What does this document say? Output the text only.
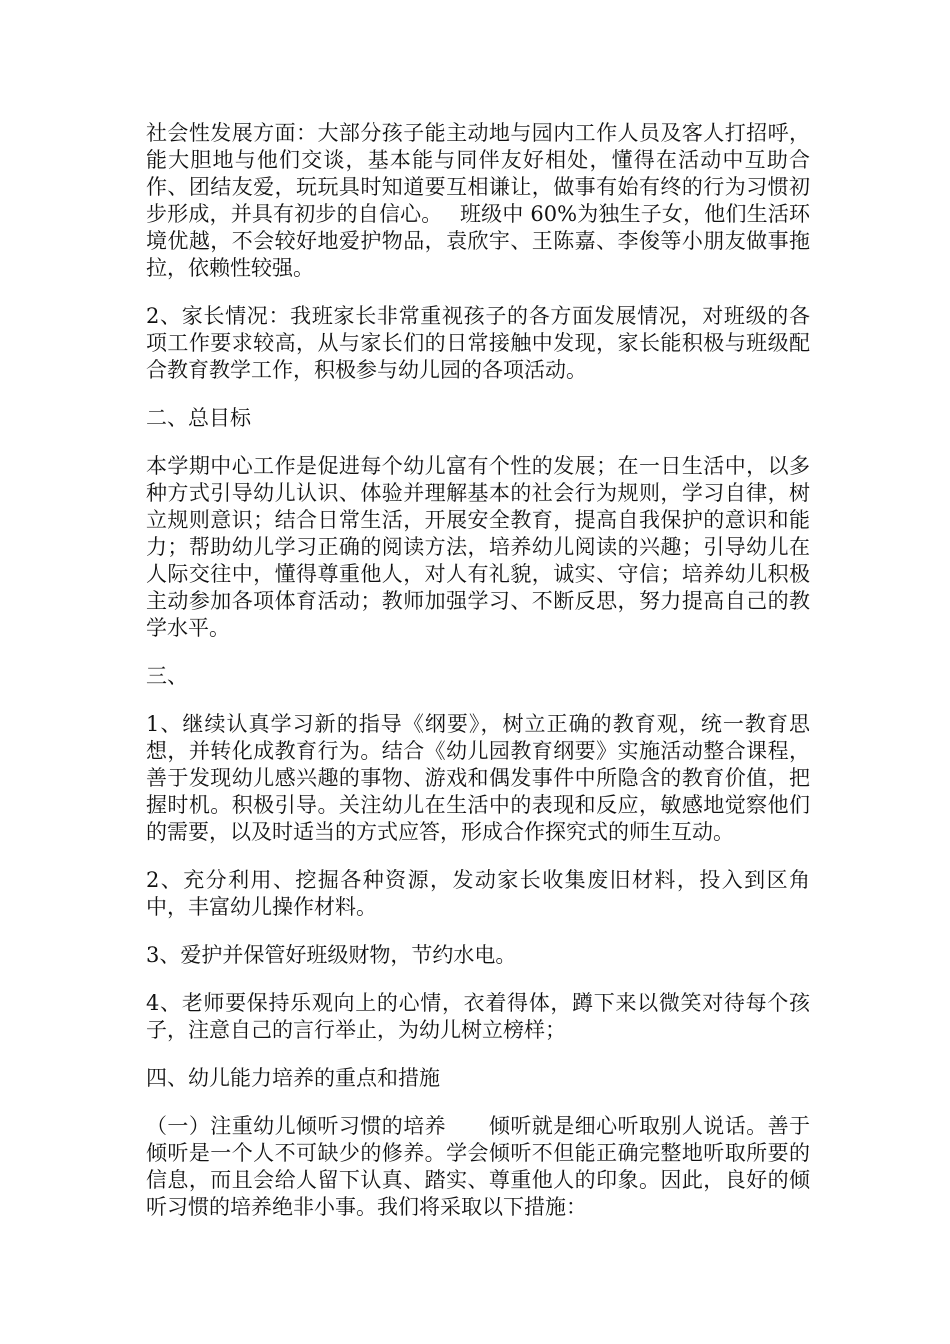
社会性发展方面：大部分孩子能主动地与园内工作人员及客人打招呼，能大胆地与他们交谈，基本能与同伴友好相处，懂得在活动中互助合作、团结友爱，玩玩具时知道要互相谦让，做事有始有终的行为习惯初步形成，并具有初步的自信心。　 班级中 60%为独生子女，他们生活环境优越，不会较好地爱护物品，袁欣宇、王陈嘉、李俊等小朋友做事拖拉，依赖性较强。

2、家长情况：我班家长非常重视孩子的各方面发展情况，对班级的各项工作要求较高，从与家长们的日常接触中发现，家长能积极与班级配合教育教学工作，积极参与幼儿园的各项活动。

二、总目标

本学期中心工作是促进每个幼儿富有个性的发展；在一日生活中，以多种方式引导幼儿认识、体验并理解基本的社会行为规则，学习自律，树立规则意识；结合日常生活，开展安全教育，提高自我保护的意识和能力；帮助幼儿学习正确的阅读方法，培养幼儿阅读的兴趣；引导幼儿在人际交往中，懂得尊重他人，对人有礼貌，诚实、守信；培养幼儿积极主动参加各项体育活动；教师加强学习、不断反思，努力提高自己的教学水平。

三、

1、继续认真学习新的指导《纲要》，树立正确的教育观，统一教育思想，并转化成教育行为。结合《幼儿园教育纲要》实施活动整合课程，善于发现幼儿感兴趣的事物、游戏和偶发事件中所隐含的教育价值，把握时机。积极引导。关注幼儿在生活中的表现和反应，敏感地觉察他们的需要，以及时适当的方式应答，形成合作探究式的师生互动。

2、充分利用、挖掘各种资源，发动家长收集废旧材料，投入到区角中，丰富幼儿操作材料。

3、爱护并保管好班级财物，节约水电。

4、老师要保持乐观向上的心情，衣着得体，蹲下来以微笑对待每个孩子，注意自己的言行举止，为幼儿树立榜样；

四、幼儿能力培养的重点和措施

（一）注重幼儿倾听习惯的培养　　倾听就是细心听取别人说话。善于倾听是一个人不可缺少的修养。学会倾听不但能正确完整地听取所要的信息，而且会给人留下认真、踏实、尊重他人的印象。因此，良好的倾听习惯的培养绝非小事。我们将采取以下措施：
